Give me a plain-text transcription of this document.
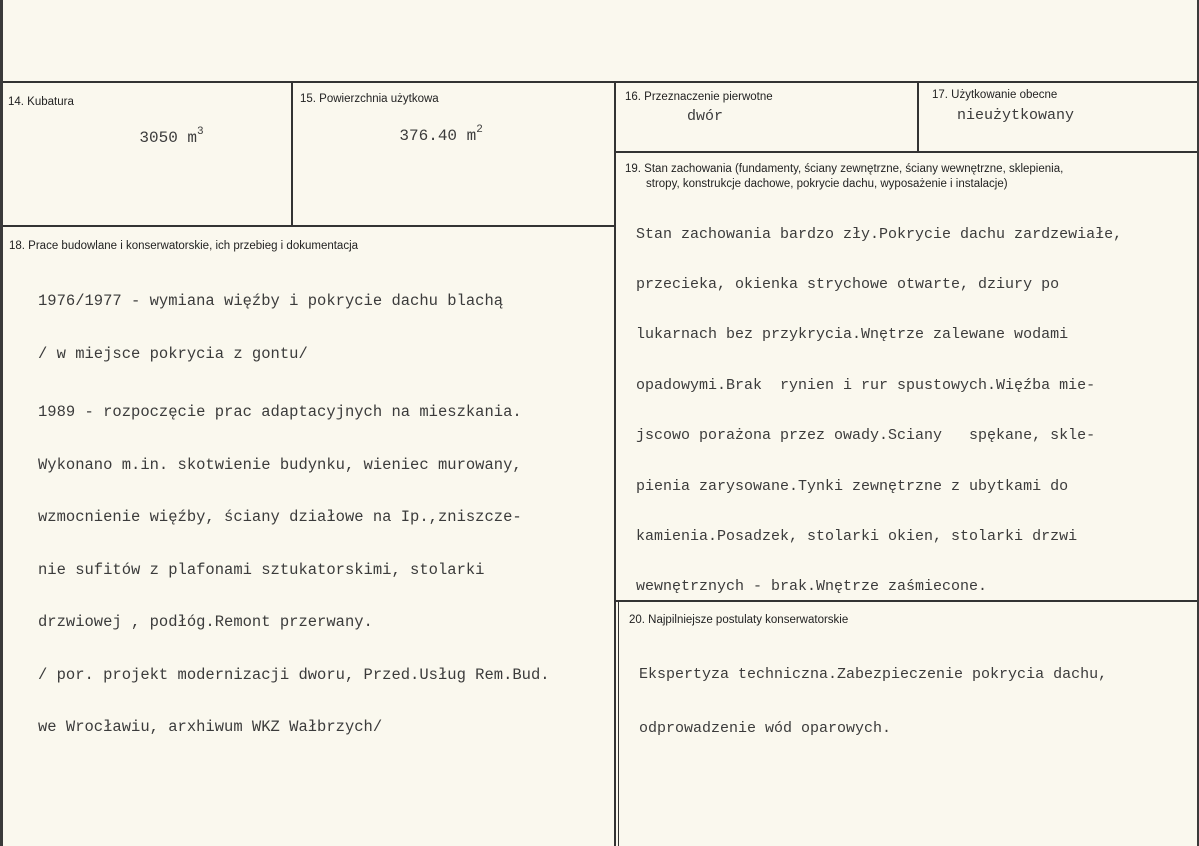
14. Kubatura

3050 $m^3$

15. Powierzchnia użytkowa

376.40 $m^2$

16. Przeznaczenie pierwotne
dwór
17. Użytkowanie obecne
nieużytkowany
18. Prace budowlane i konserwatorskie, ich przebieg i dokumentacja

1976/1977 - wymiana więźby i pokrycie dachu blachą

/ w miejsce pokrycia z gontu/

1989 - rozpoczęcie prac adaptacyjnych na mieszkania.

Wykonano m.in. skotwienie budynku, wieniec murowany,

wzmocnienie więźby, ściany działowe na Ip.,zniszcze-

nie sufitów z plafonami sztukatorskimi, stolarki

drzwiowej , podłóg.Remont przerwany.

/ por. projekt modernizacji dworu, Przed.Usług Rem.Bud.

we Wrocławiu, arxhiwum WKZ Wałbrzych/

19. Stan zachowania (fundamenty, ściany zewnętrzne, ściany wewnętrzne, sklepienia,
stropy, konstrukcje dachowe, pokrycie dachu, wyposażenie i instalacje)

Stan zachowania bardzo zły.Pokrycie dachu zardzewiałe,

przecieka, okienka strychowe otwarte, dziury po

lukarnach bez przykrycia.Wnętrze zalewane wodami

opadowymi.Brak  rynien i rur spustowych.Więźba mie-

jscowo porażona przez owady.Sciany   spękane, skle-

pienia zarysowane.Tynki zewnętrzne z ubytkami do

kamienia.Posadzek, stolarki okien, stolarki drzwi

wewnętrznych - brak.Wnętrze zaśmiecone.

20. Najpilniejsze postulaty konserwatorskie

Ekspertyza techniczna.Zabezpieczenie pokrycia dachu,

odprowadzenie wód oparowych.
